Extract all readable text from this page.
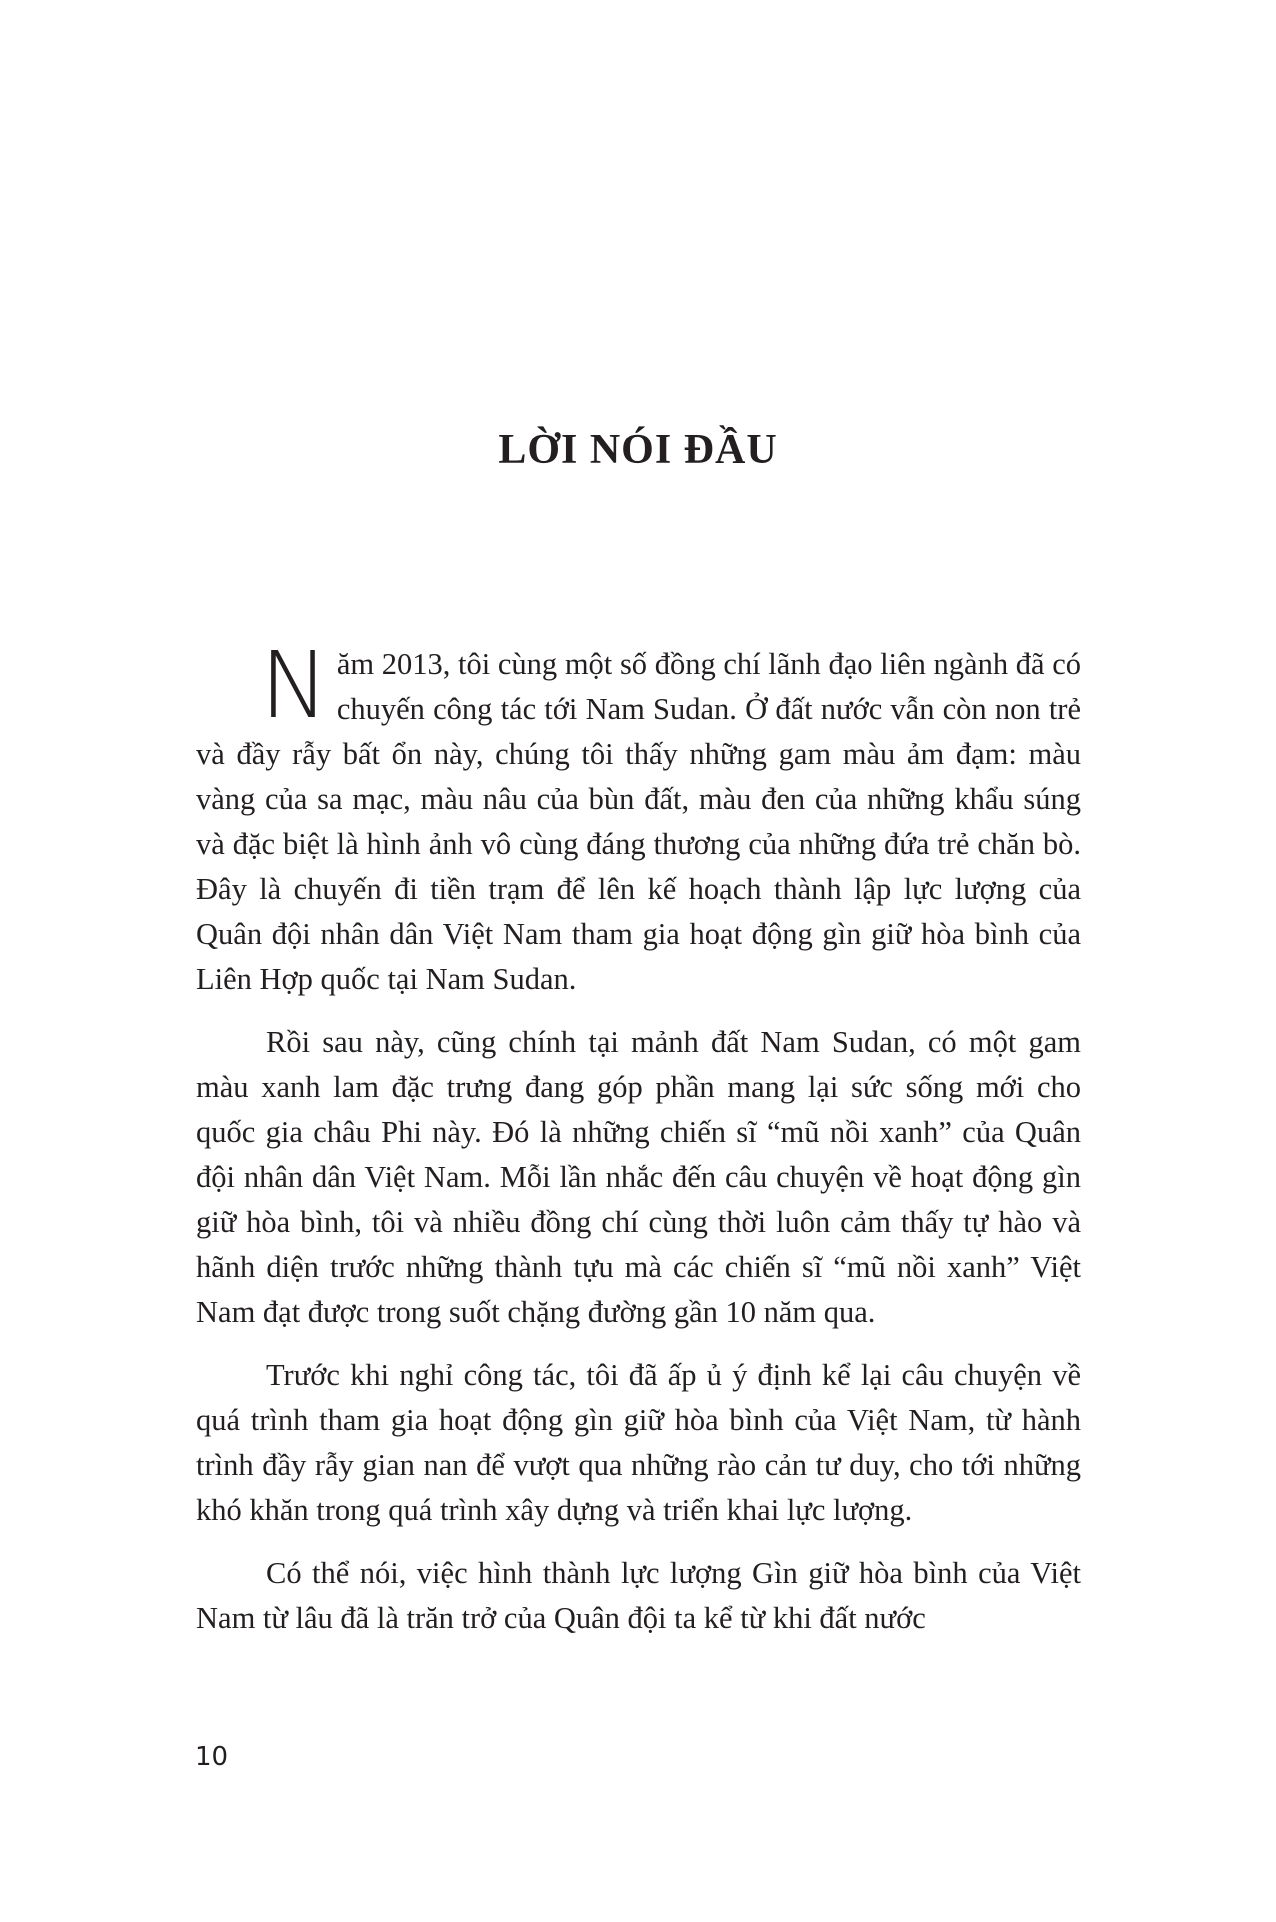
LỜI NÓI ĐẦU

Năm 2013, tôi cùng một số đồng chí lãnh đạo liên ngành đã có chuyến công tác tới Nam Sudan. Ở đất nước vẫn còn non trẻ và đầy rẫy bất ổn này, chúng tôi thấy những gam màu ảm đạm: màu vàng của sa mạc, màu nâu của bùn đất, màu đen của những khẩu súng và đặc biệt là hình ảnh vô cùng đáng thương của những đứa trẻ chăn bò. Đây là chuyến đi tiền trạm để lên kế hoạch thành lập lực lượng của Quân đội nhân dân Việt Nam tham gia hoạt động gìn giữ hòa bình của Liên Hợp quốc tại Nam Sudan.

Rồi sau này, cũng chính tại mảnh đất Nam Sudan, có một gam màu xanh lam đặc trưng đang góp phần mang lại sức sống mới cho quốc gia châu Phi này. Đó là những chiến sĩ “mũ nồi xanh” của Quân đội nhân dân Việt Nam. Mỗi lần nhắc đến câu chuyện về hoạt động gìn giữ hòa bình, tôi và nhiều đồng chí cùng thời luôn cảm thấy tự hào và hãnh diện trước những thành tựu mà các chiến sĩ “mũ nồi xanh” Việt Nam đạt được trong suốt chặng đường gần 10 năm qua.

Trước khi nghỉ công tác, tôi đã ấp ủ ý định kể lại câu chuyện về quá trình tham gia hoạt động gìn giữ hòa bình của Việt Nam, từ hành trình đầy rẫy gian nan để vượt qua những rào cản tư duy, cho tới những khó khăn trong quá trình xây dựng và triển khai lực lượng.

Có thể nói, việc hình thành lực lượng Gìn giữ hòa bình của Việt Nam từ lâu đã là trăn trở của Quân đội ta kể từ khi đất nước

10
